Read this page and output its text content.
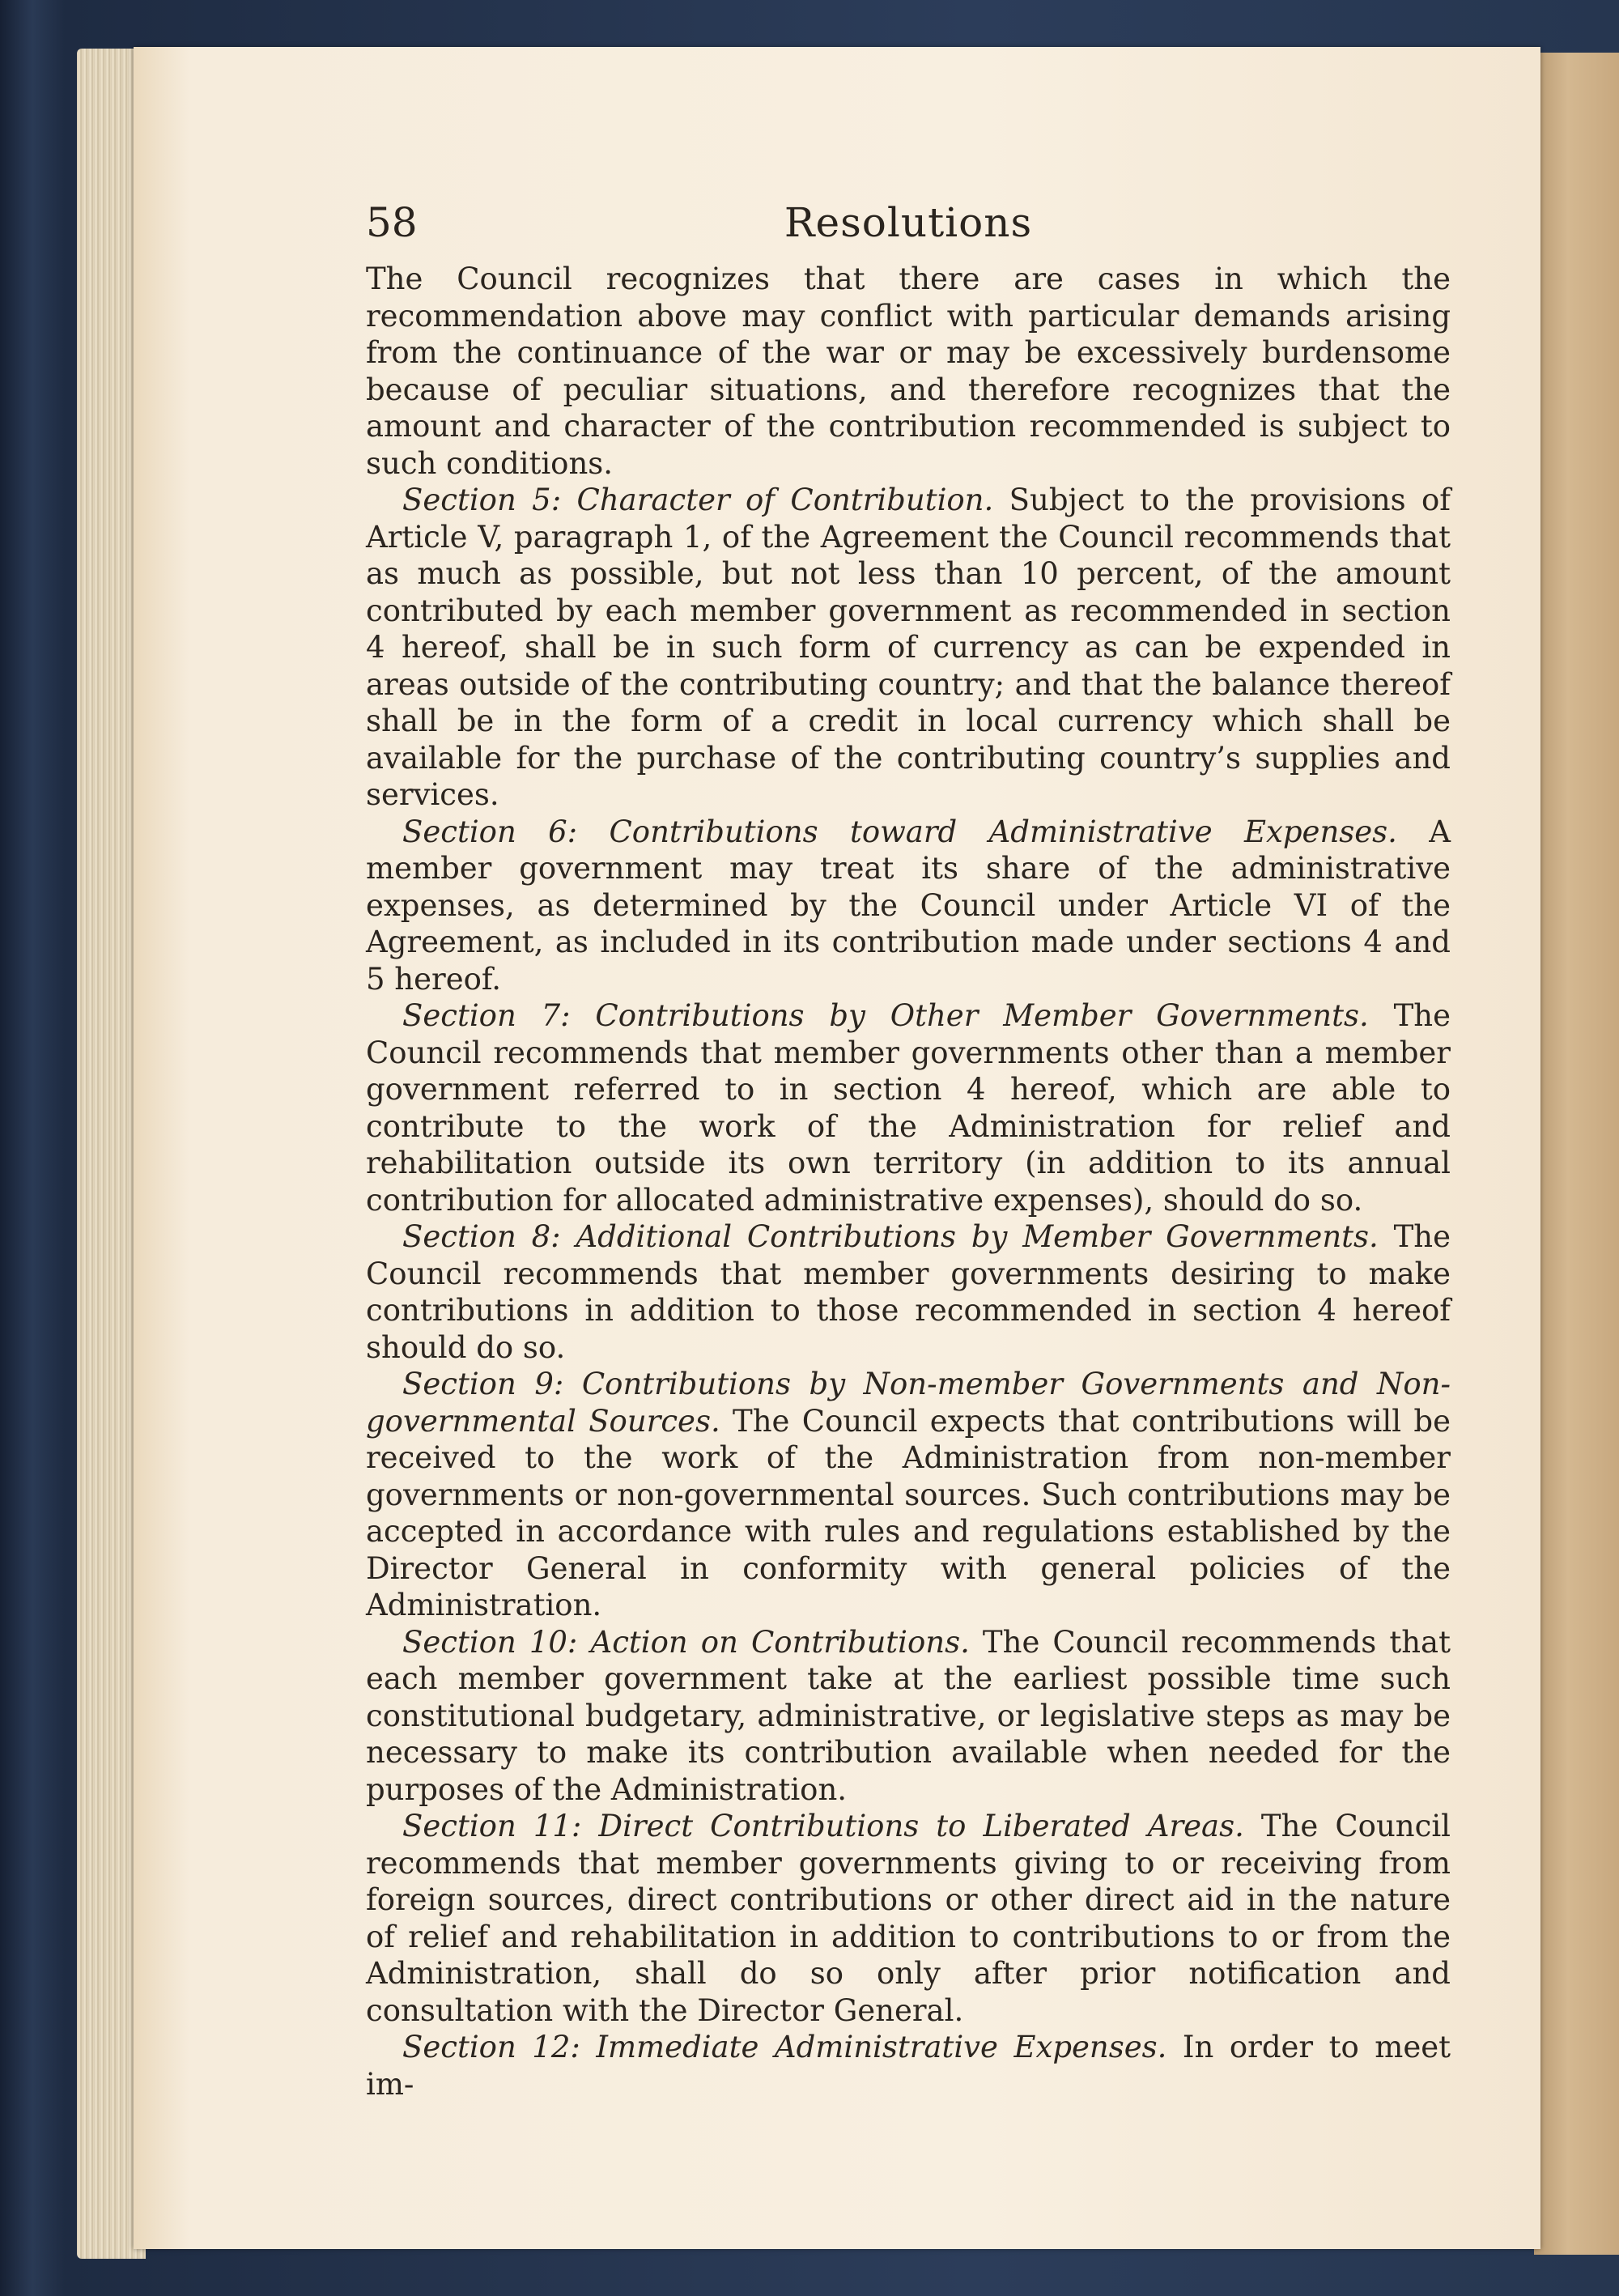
58	Resolutions

The Council recognizes that there are cases in which the recommendation above may conflict with particular demands arising from the continuance of the war or may be excessively burdensome because of peculiar situations, and therefore recognizes that the amount and character of the contribution recommended is subject to such conditions.

Section 5: Character of Contribution. Subject to the provisions of Article V, paragraph 1, of the Agreement the Council recommends that as much as possible, but not less than 10 percent, of the amount contributed by each member government as recommended in section 4 hereof, shall be in such form of currency as can be expended in areas outside of the contributing country; and that the balance thereof shall be in the form of a credit in local currency which shall be available for the purchase of the contributing country’s supplies and services.

Section 6: Contributions toward Administrative Expenses. A member government may treat its share of the administrative expenses, as determined by the Council under Article VI of the Agreement, as included in its contribution made under sections 4 and 5 hereof.

Section 7: Contributions by Other Member Governments. The Council recommends that member governments other than a member government referred to in section 4 hereof, which are able to contribute to the work of the Administration for relief and rehabilitation outside its own territory (in addition to its annual contribution for allocated administrative expenses), should do so.

Section 8: Additional Contributions by Member Governments. The Council recommends that member governments desiring to make contributions in addition to those recommended in section 4 hereof should do so.

Section 9: Contributions by Non-member Governments and Non-governmental Sources. The Council expects that contributions will be received to the work of the Administration from non-member governments or non-governmental sources. Such contributions may be accepted in accordance with rules and regulations established by the Director General in conformity with general policies of the Administration.

Section 10: Action on Contributions. The Council recommends that each member government take at the earliest possible time such constitutional budgetary, administrative, or legislative steps as may be necessary to make its contribution available when needed for the purposes of the Administration.

Section 11: Direct Contributions to Liberated Areas. The Council recommends that member governments giving to or receiving from foreign sources, direct contributions or other direct aid in the nature of relief and rehabilitation in addition to contributions to or from the Administration, shall do so only after prior notification and consultation with the Director General.

Section 12: Immediate Administrative Expenses. In order to meet im-
